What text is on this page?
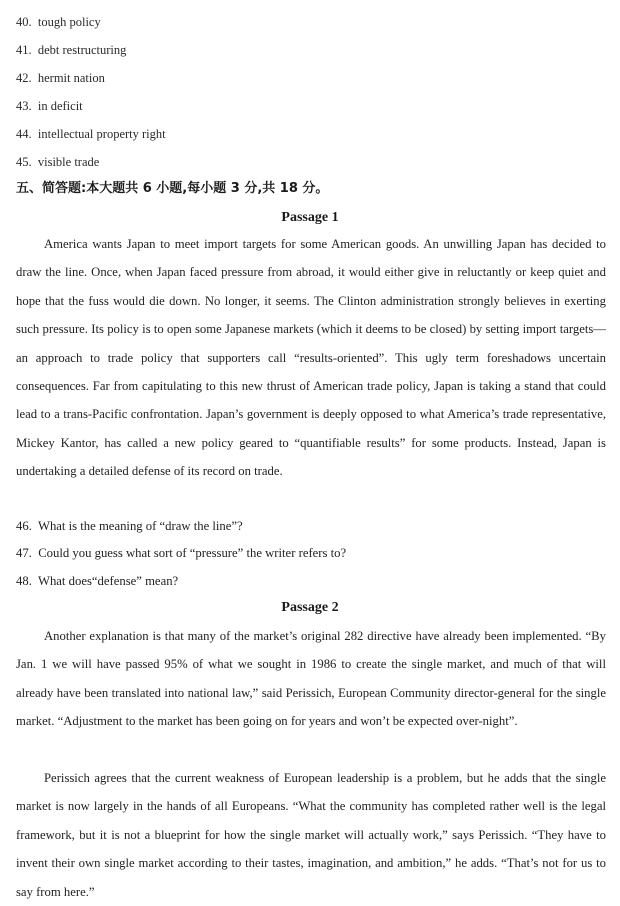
40. tough policy
41. debt restructuring
42. hermit nation
43. in deficit
44. intellectual property right
45. visible trade
五、简答题:本大题共 6 小题,每小题 3 分,共 18 分。
Passage 1

America wants Japan to meet import targets for some American goods. An unwilling Japan has decided to draw the line. Once, when Japan faced pressure from abroad, it would either give in reluctantly or keep quiet and hope that the fuss would die down. No longer, it seems. The Clinton administration strongly believes in exerting such pressure. Its policy is to open some Japanese markets (which it deems to be closed) by setting import targets—an approach to trade policy that supporters call “results-oriented”. This ugly term foreshadows uncertain consequences. Far from capitulating to this new thrust of American trade policy, Japan is taking a stand that could lead to a trans-Pacific confrontation. Japan’s government is deeply opposed to what America’s trade representative, Mickey Kantor, has called a new policy geared to “quantifiable results” for some products. Instead, Japan is undertaking a detailed defense of its record on trade.

46. What is the meaning of “draw the line”?
47. Could you guess what sort of “pressure” the writer refers to?
48. What does“defense” mean?
Passage 2

Another explanation is that many of the market’s original 282 directive have already been implemented. “By Jan. 1 we will have passed 95% of what we sought in 1986 to create the single market, and much of that will already have been translated into national law,” said Perissich, European Community director-general for the single market. “Adjustment to the market has been going on for years and won’t be expected over-night”.

Perissich agrees that the current weakness of European leadership is a problem, but he adds that the single market is now largely in the hands of all Europeans. “What the community has completed rather well is the legal framework, but it is not a blueprint for how the single market will actually work,” says Perissich. “They have to invent their own single market according to their tastes, imagination, and ambition,” he adds. “That’s not for us to say from here.”
